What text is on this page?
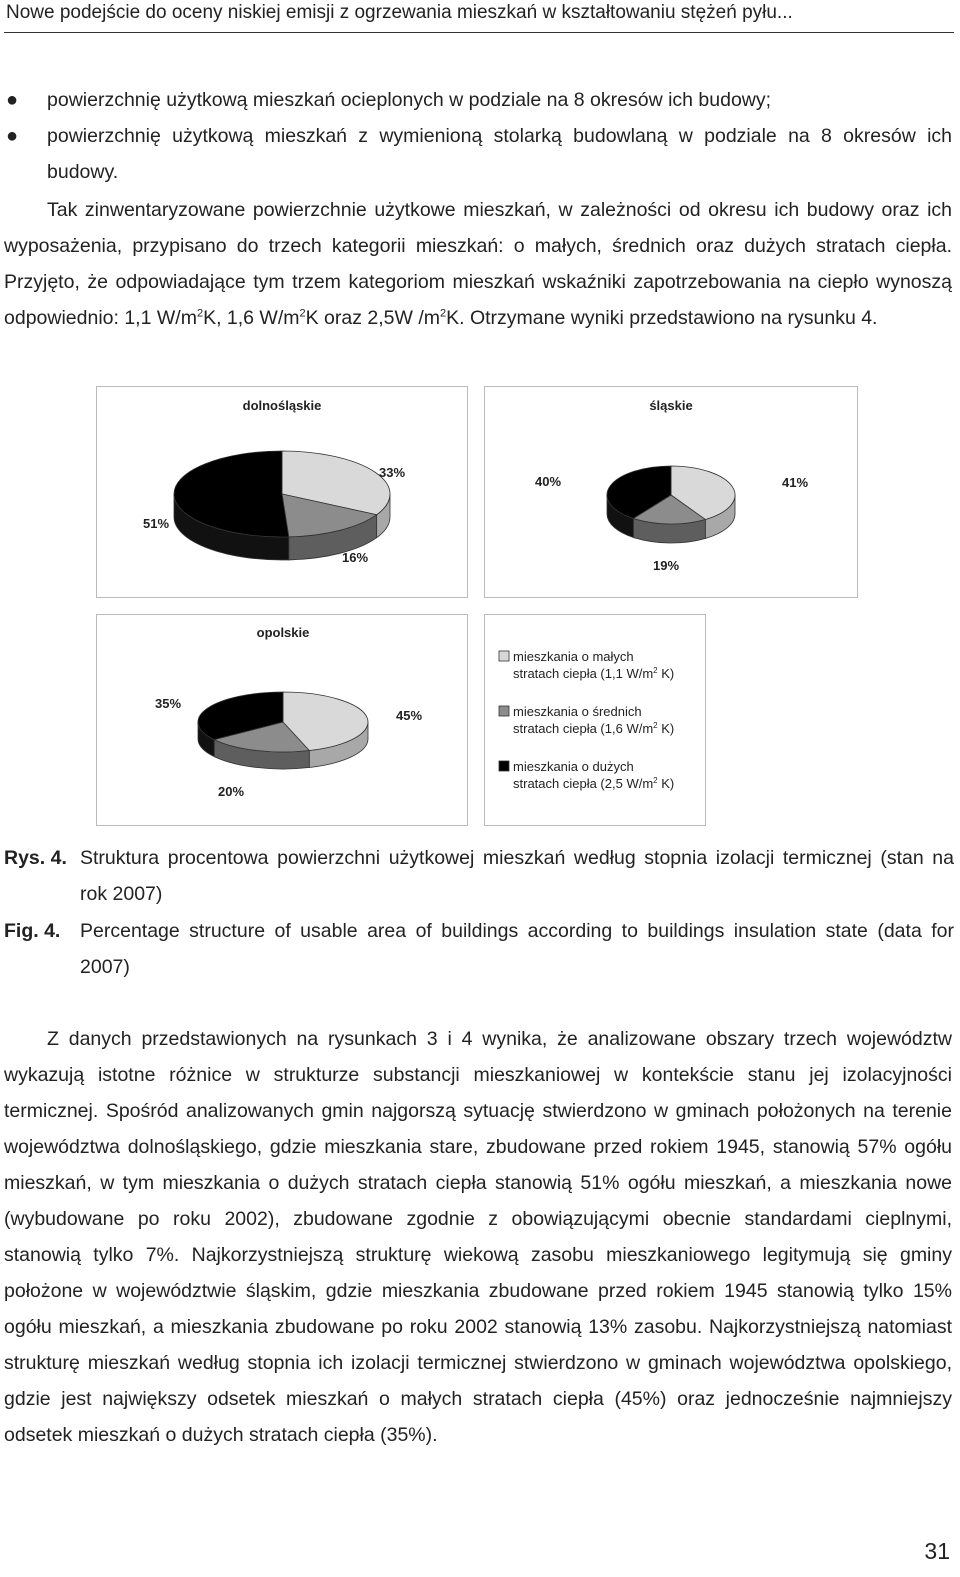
Nowe podejście do oceny niskiej emisji z ogrzewania mieszkań w kształtowaniu stężeń pyłu...
● powierzchnię użytkową mieszkań ocieplonych w podziale na 8 okresów ich budowy;
● powierzchnię użytkową mieszkań z wymienioną stolarką budowlaną w podziale na 8 okresów ich budowy.
Tak zinwentaryzowane powierzchnie użytkowe mieszkań, w zależności od okresu ich budowy oraz ich wyposażenia, przypisano do trzech kategorii mieszkań: o małych, średnich oraz dużych stratach ciepła. Przyjęto, że odpowiadające tym trzem kategoriom mieszkań wskaźniki zapotrzebowania na ciepło wynoszą odpowiednio: 1,1 $W/m^2K$, 1,6 $W/m^2K$ oraz 2,5W $/m^2K$. Otrzymane wyniki przedstawiono na rysunku 4.
dolnośląskie
33%
16%
51%
śląskie
41%
19%
40%
opolskie
45%
20%
35%
mieszkania o małych
stratach ciepła (1,1 $W/m^2$ K)
mieszkania o średnich
stratach ciepła (1,6 $W/m^2$ K)
mieszkania o dużych
stratach ciepła (2,5 $W/m^2$ K)
Rys. 4. Struktura procentowa powierzchni użytkowej mieszkań według stopnia izolacji termicznej (stan na rok 2007)
Fig. 4. Percentage structure of usable area of buildings according to buildings insulation state (data for 2007)
Z danych przedstawionych na rysunkach 3 i 4 wynika, że analizowane obszary trzech województw wykazują istotne różnice w strukturze substancji mieszkaniowej w kontekście stanu jej izolacyjności termicznej. Spośród analizowanych gmin najgorszą sytuację stwierdzono w gminach położonych na terenie województwa dolnośląskiego, gdzie mieszkania stare, zbudowane przed rokiem 1945, stanowią 57% ogółu mieszkań, w tym mieszkania o dużych stratach ciepła stanowią 51% ogółu mieszkań, a mieszkania nowe (wybudowane po roku 2002), zbudowane zgodnie z obowiązującymi obecnie standardami cieplnymi, stanowią tylko 7%. Najkorzystniejszą strukturę wiekową zasobu mieszkaniowego legitymują się gminy położone w województwie śląskim, gdzie mieszkania zbudowane przed rokiem 1945 stanowią tylko 15% ogółu mieszkań, a mieszkania zbudowane po roku 2002 stanowią 13% zasobu. Najkorzystniejszą natomiast strukturę mieszkań według stopnia ich izolacji termicznej stwierdzono w gminach województwa opolskiego, gdzie jest największy odsetek mieszkań o małych stratach ciepła (45%) oraz jednocześnie najmniejszy odsetek mieszkań o dużych stratach ciepła (35%).
31
